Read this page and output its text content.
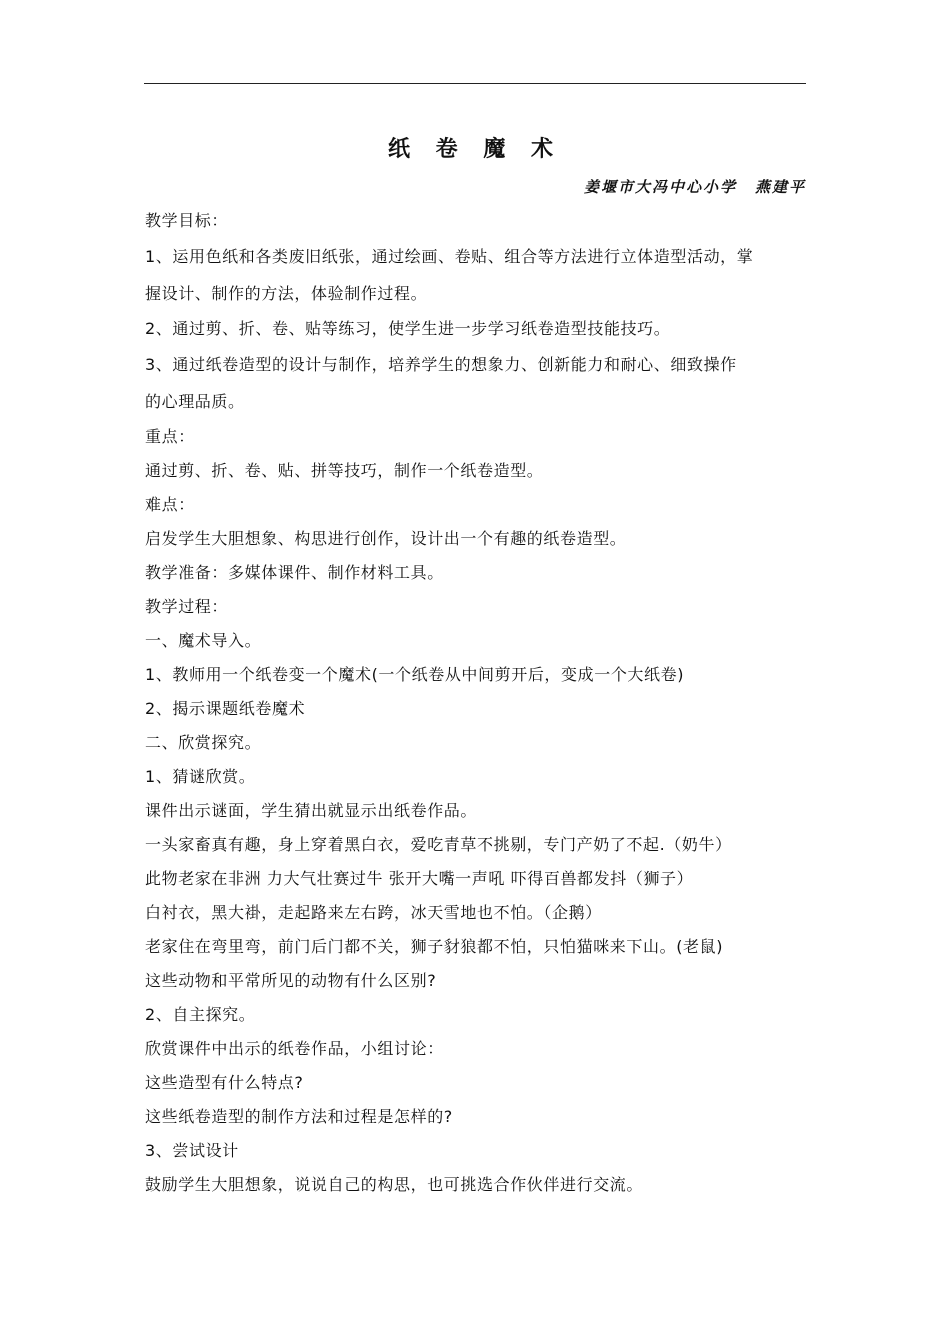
纸 卷 魔 术
姜堰市大冯中心小学 燕建平
教学目标：
1、运用色纸和各类废旧纸张，通过绘画、卷贴、组合等方法进行立体造型活动，掌
握设计、制作的方法，体验制作过程。
2、通过剪、折、卷、贴等练习，使学生进一步学习纸卷造型技能技巧。
3、通过纸卷造型的设计与制作，培养学生的想象力、创新能力和耐心、细致操作
的心理品质。
重点：
通过剪、折、卷、贴、拼等技巧，制作一个纸卷造型。
难点：
启发学生大胆想象、构思进行创作，设计出一个有趣的纸卷造型。
教学准备：多媒体课件、制作材料工具。
教学过程：
一、魔术导入。
1、教师用一个纸卷变一个魔术(一个纸卷从中间剪开后，变成一个大纸卷)
2、揭示课题纸卷魔术
二、欣赏探究。
1、猜谜欣赏。
课件出示谜面，学生猜出就显示出纸卷作品。
一头家畜真有趣，身上穿着黑白衣，爱吃青草不挑剔，专门产奶了不起.（奶牛）
此物老家在非洲 力大气壮赛过牛 张开大嘴一声吼 吓得百兽都发抖（狮子）
白衬衣，黑大褂，走起路来左右跨，冰天雪地也不怕。（企鹅）
老家住在弯里弯，前门后门都不关，狮子豺狼都不怕，只怕猫咪来下山。(老鼠)
这些动物和平常所见的动物有什么区别?
2、自主探究。
欣赏课件中出示的纸卷作品，小组讨论：
这些造型有什么特点?
这些纸卷造型的制作方法和过程是怎样的?
3、尝试设计
鼓励学生大胆想象，说说自己的构思，也可挑选合作伙伴进行交流。
